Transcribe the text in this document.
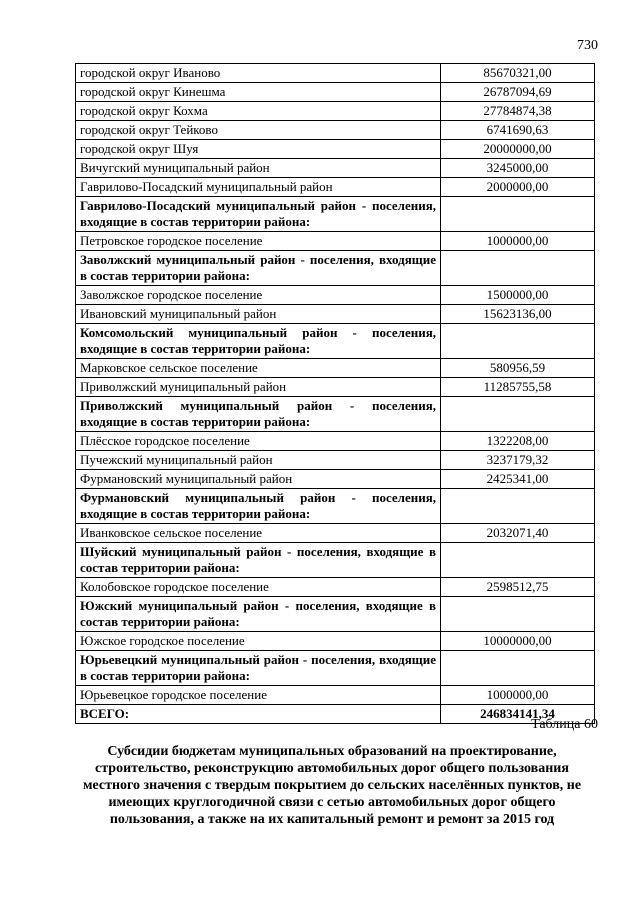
730
городской округ Иваново	85670321,00
городской округ Кинешма	26787094,69
городской округ Кохма	27784874,38
городской округ Тейково	6741690,63
городской округ Шуя	20000000,00
Вичугский муниципальный район	3245000,00
Гаврилово-Посадский муниципальный район	2000000,00
Гаврилово-Посадский муниципальный район - поселения, входящие в состав территории района:	
Петровское городское поселение	1000000,00
Заволжский муниципальный район - поселения, входящие в состав территории района:	
Заволжское городское поселение	1500000,00
Ивановский муниципальный район	15623136,00
Комсомольский муниципальный район - поселения, входящие в состав территории района:	
Марковское сельское поселение	580956,59
Приволжский муниципальный район	11285755,58
Приволжский муниципальный район - поселения, входящие в состав территории района:	
Плёсское городское поселение	1322208,00
Пучежский муниципальный район	3237179,32
Фурмановский муниципальный район	2425341,00
Фурмановский муниципальный район - поселения, входящие в состав территории района:	
Иванковское сельское поселение	2032071,40
Шуйский муниципальный район - поселения, входящие в состав территории района:	
Колобовское городское поселение	2598512,75
Южский муниципальный район - поселения, входящие в состав территории района:	
Южское городское поселение	10000000,00
Юрьевецкий муниципальный район - поселения, входящие в состав территории района:	
Юрьевецкое городское поселение	1000000,00
ВСЕГО:	246834141,34
Таблица 60
Субсидии бюджетам муниципальных образований на проектирование, строительство, реконструкцию автомобильных дорог общего пользования местного значения с твердым покрытием до сельских населённых пунктов, не имеющих круглогодичной связи с сетью автомобильных дорог общего пользования, а также на их капитальный ремонт и ремонт за 2015 год
